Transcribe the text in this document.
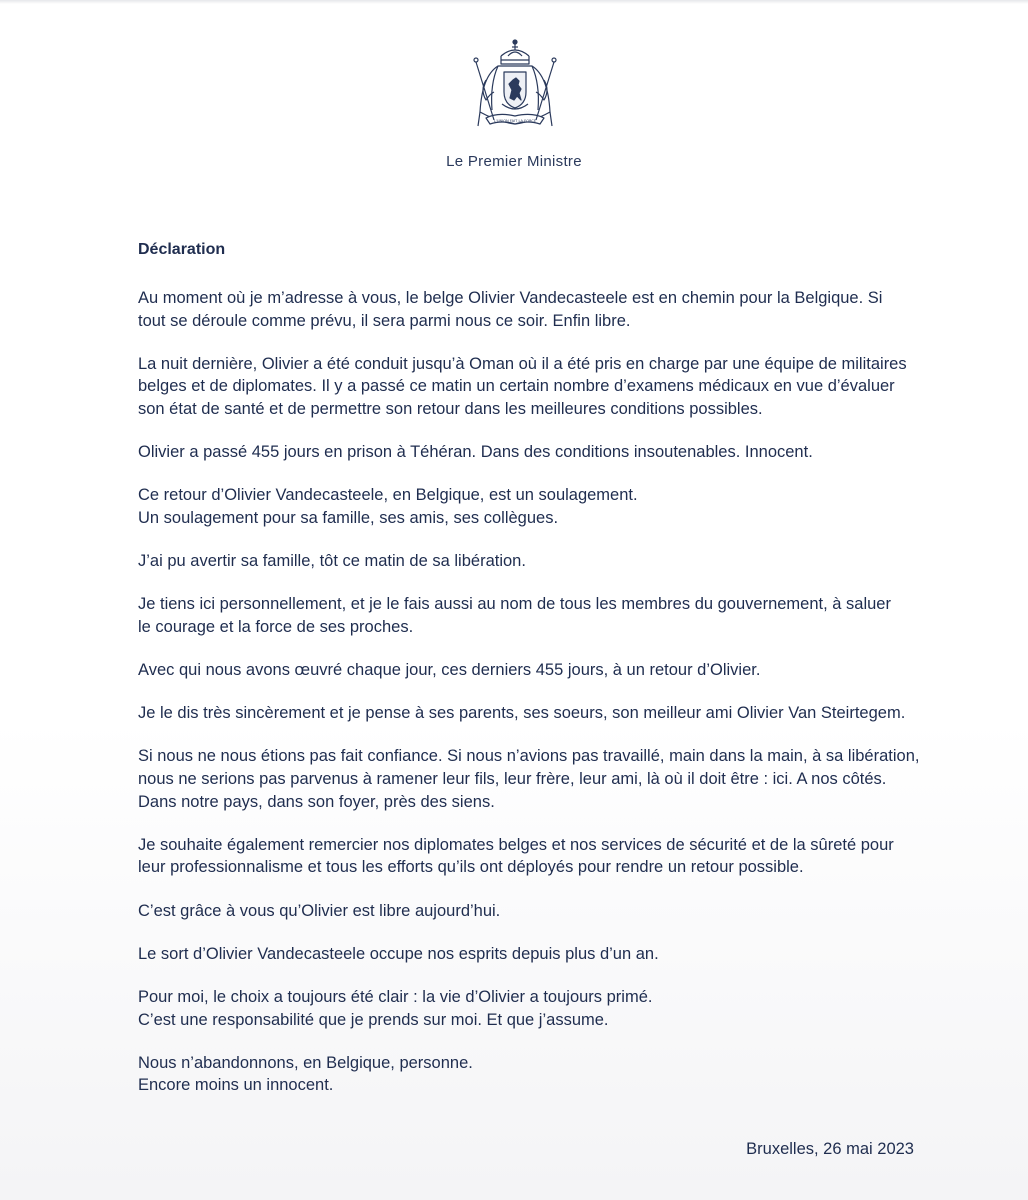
L'UNION FAIT LA FORCE
Le Premier Ministre
Déclaration

Au moment où je m’adresse à vous, le belge Olivier Vandecasteele est en chemin pour la Belgique. Si
tout se déroule comme prévu, il sera parmi nous ce soir. Enfin libre.

La nuit dernière, Olivier a été conduit jusqu’à Oman où il a été pris en charge par une équipe de militaires
belges et de diplomates. Il y a passé ce matin un certain nombre d’examens médicaux en vue d’évaluer
son état de santé et de permettre son retour dans les meilleures conditions possibles.

Olivier a passé 455 jours en prison à Téhéran. Dans des conditions insoutenables. Innocent.

Ce retour d’Olivier Vandecasteele, en Belgique, est un soulagement.
Un soulagement pour sa famille, ses amis, ses collègues.

J’ai pu avertir sa famille, tôt ce matin de sa libération.

Je tiens ici personnellement, et je le fais aussi au nom de tous les membres du gouvernement, à saluer
le courage et la force de ses proches.

Avec qui nous avons œuvré chaque jour, ces derniers 455 jours, à un retour d’Olivier.

Je le dis très sincèrement et je pense à ses parents, ses soeurs, son meilleur ami Olivier Van Steirtegem.

Si nous ne nous étions pas fait confiance. Si nous n’avions pas travaillé, main dans la main, à sa libération,
nous ne serions pas parvenus à ramener leur fils, leur frère, leur ami, là où il doit être : ici. A nos côtés.
Dans notre pays, dans son foyer, près des siens.

Je souhaite également remercier nos diplomates belges et nos services de sécurité et de la sûreté pour
leur professionnalisme et tous les efforts qu’ils ont déployés pour rendre un retour possible.

C’est grâce à vous qu’Olivier est libre aujourd’hui.

Le sort d’Olivier Vandecasteele occupe nos esprits depuis plus d’un an.

Pour moi, le choix a toujours été clair : la vie d’Olivier a toujours primé.
C’est une responsabilité que je prends sur moi. Et que j’assume.

Nous n’abandonnons, en Belgique, personne.
Encore moins un innocent.

Bruxelles, 26 mai 2023
